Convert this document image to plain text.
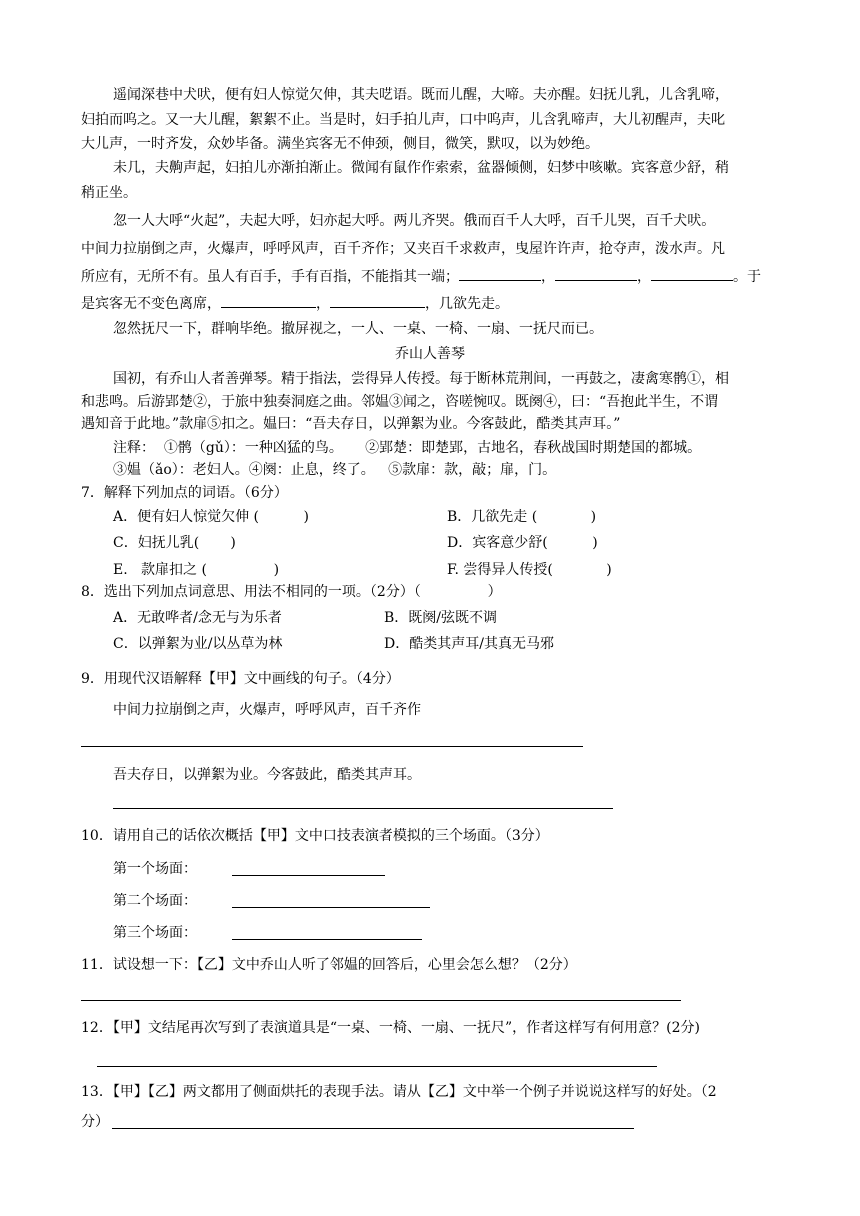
遥闻深巷中犬吠，便有妇人惊觉欠伸，其夫呓语。既而儿醒，大啼。夫亦醒。妇抚儿乳，儿含乳啼，
妇拍而呜之。又一大儿醒，絮絮不止。当是时，妇手拍儿声，口中呜声，儿含乳啼声，大儿初醒声，夫叱
大儿声，一时齐发，众妙毕备。满坐宾客无不伸颈，侧目，微笑，默叹，以为妙绝。
未几，夫齁声起，妇拍儿亦渐拍渐止。微闻有鼠作作索索，盆器倾侧，妇梦中咳嗽。宾客意少舒，稍
稍正坐。
忽一人大呼“火起”，夫起大呼，妇亦起大呼。两儿齐哭。俄而百千人大呼，百千儿哭，百千犬吠。
中间力拉崩倒之声，火爆声，呼呼风声，百千齐作；又夹百千求救声，曳屋许许声，抢夺声，泼水声。凡
所应有，无所不有。虽人有百手，手有百指，不能指其一端；	，	，	。于
是宾客无不变色离席，	，	，几欲先走。
忽然抚尺一下，群响毕绝。撤屏视之，一人、一桌、一椅、一扇、一抚尺而已。
乔山人善琴
国初，有乔山人者善弹琴。精于指法，尝得异人传授。每于断林荒荆间，一再鼓之，凄禽寒鹘①，相
和悲鸣。后游郢楚②，于旅中独奏洞庭之曲。邻媪③闻之，咨嗟惋叹。既阕④，曰：“吾抱此半生，不谓
遇知音于此地。”款扉⑤扣之。媪曰：“吾夫存日，以弹絮为业。今客鼓此，酷类其声耳。”
注释：  ①鹘（gǔ）：一种凶猛的鸟。     ②郢楚：即楚郢，古地名，春秋战国时期楚国的都城。
③媪（ǎo）：老妇人。④阕：止息，终了。   ⑤款扉：款，敲；扉，门。
7．解释下列加点的词语。（6分）
A．便有妇人惊觉欠伸 (          )	B．几欲先走 (            )
C．妇抚儿乳(       )	D．宾客意少舒(          )
E.   款扉扣之 (               )	F. 尝得异人传授(            )
8．选出下列加点词意思、用法不相同的一项。（2分）（               ）
A．无敢哗者/念无与为乐者	B．既阕/弦既不调
C．以弹絮为业/以丛草为林	D．酷类其声耳/其真无马邪
9．用现代汉语解释【甲】文中画线的句子。（4分）
中间力拉崩倒之声，火爆声，呼呼风声，百千齐作
吾夫存日，以弹絮为业。今客鼓此，酷类其声耳。
10．请用自己的话依次概括【甲】文中口技表演者模拟的三个场面。（3分）
第一个场面：
第二个场面：
第三个场面：
11．试设想一下：【乙】文中乔山人听了邻媪的回答后，心里会怎么想？（2分）
12．【甲】文结尾再次写到了表演道具是“一桌、一椅、一扇、一抚尺”，作者这样写有何用意？(2分)
13．【甲】【乙】两文都用了侧面烘托的表现手法。请从【乙】文中举一个例子并说说这样写的好处。（2
分）
